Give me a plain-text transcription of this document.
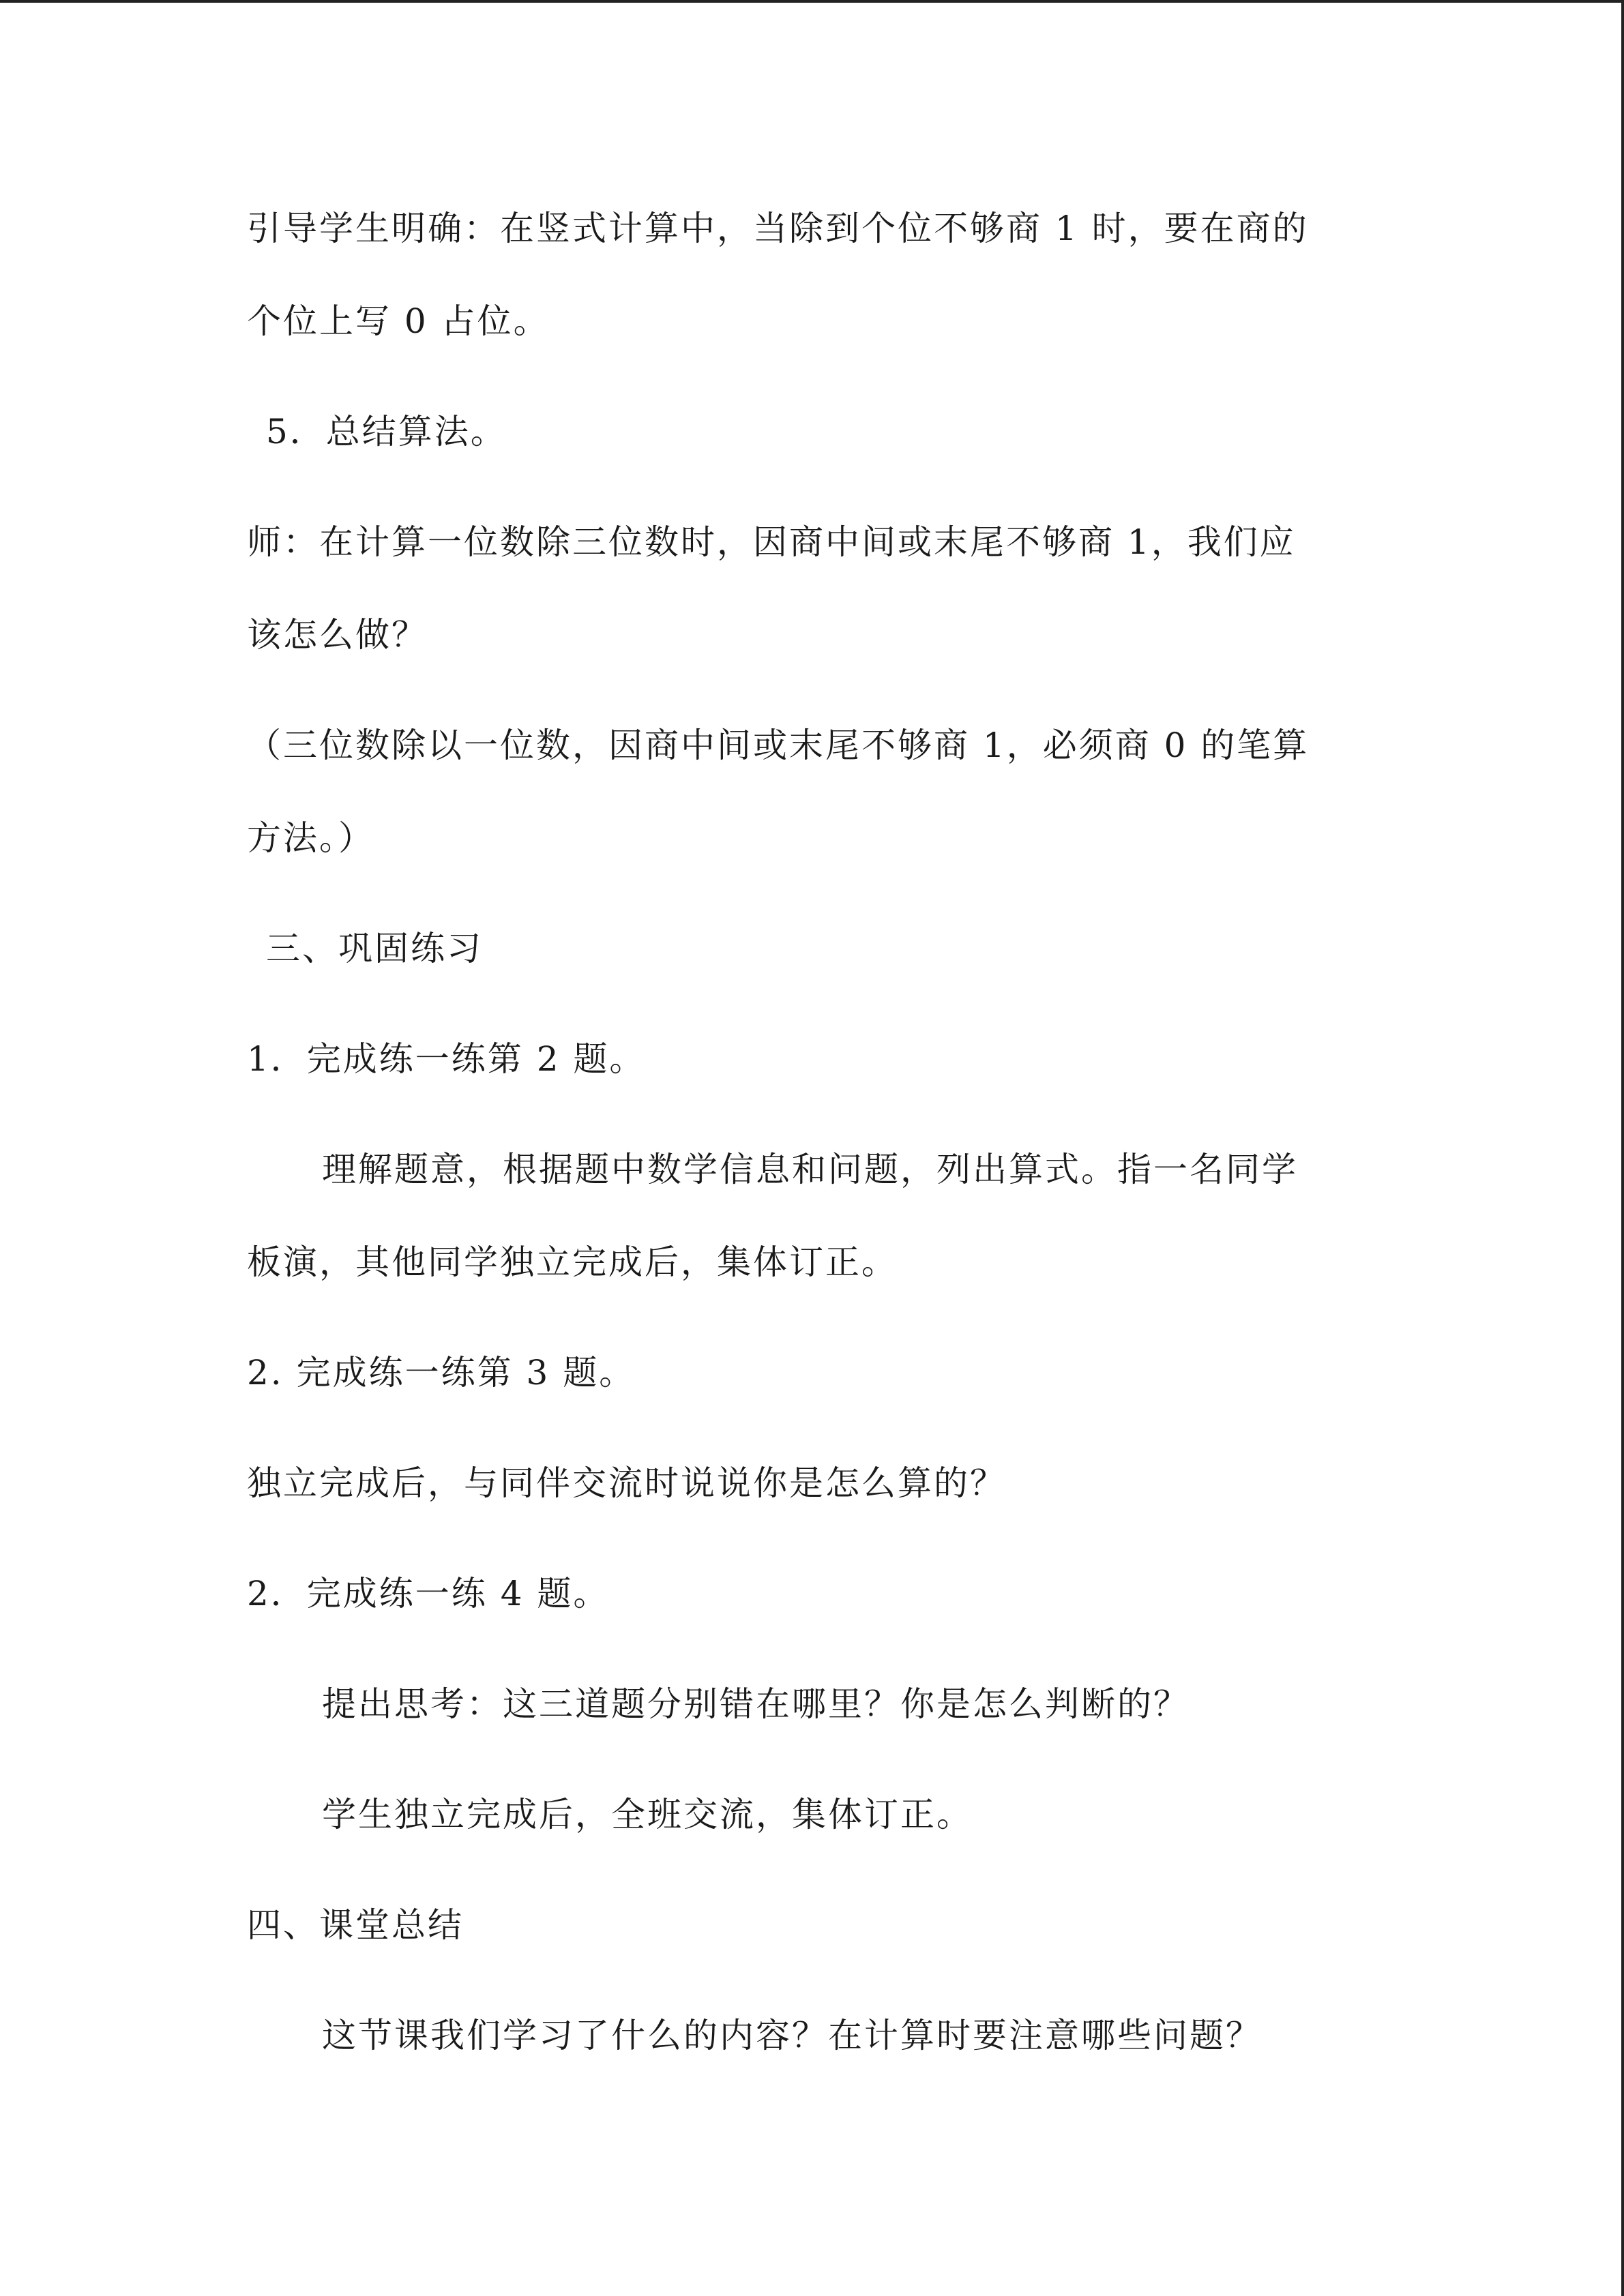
引导学生明确：在竖式计算中，当除到个位不够商 1 时，要在商的

个位上写 0 占位。

5．总结算法。

师：在计算一位数除三位数时，因商中间或末尾不够商 1，我们应

该怎么做？

（三位数除以一位数，因商中间或末尾不够商 1，必须商 0 的笔算

方法。）

三、巩固练习

1．完成练一练第 2 题。

理解题意，根据题中数学信息和问题，列出算式。指一名同学

板演，其他同学独立完成后，集体订正。

2. 完成练一练第 3 题。

独立完成后，与同伴交流时说说你是怎么算的？

2．完成练一练 4 题。

提出思考：这三道题分别错在哪里？你是怎么判断的？

学生独立完成后，全班交流，集体订正。

四、课堂总结

这节课我们学习了什么的内容？在计算时要注意哪些问题？
